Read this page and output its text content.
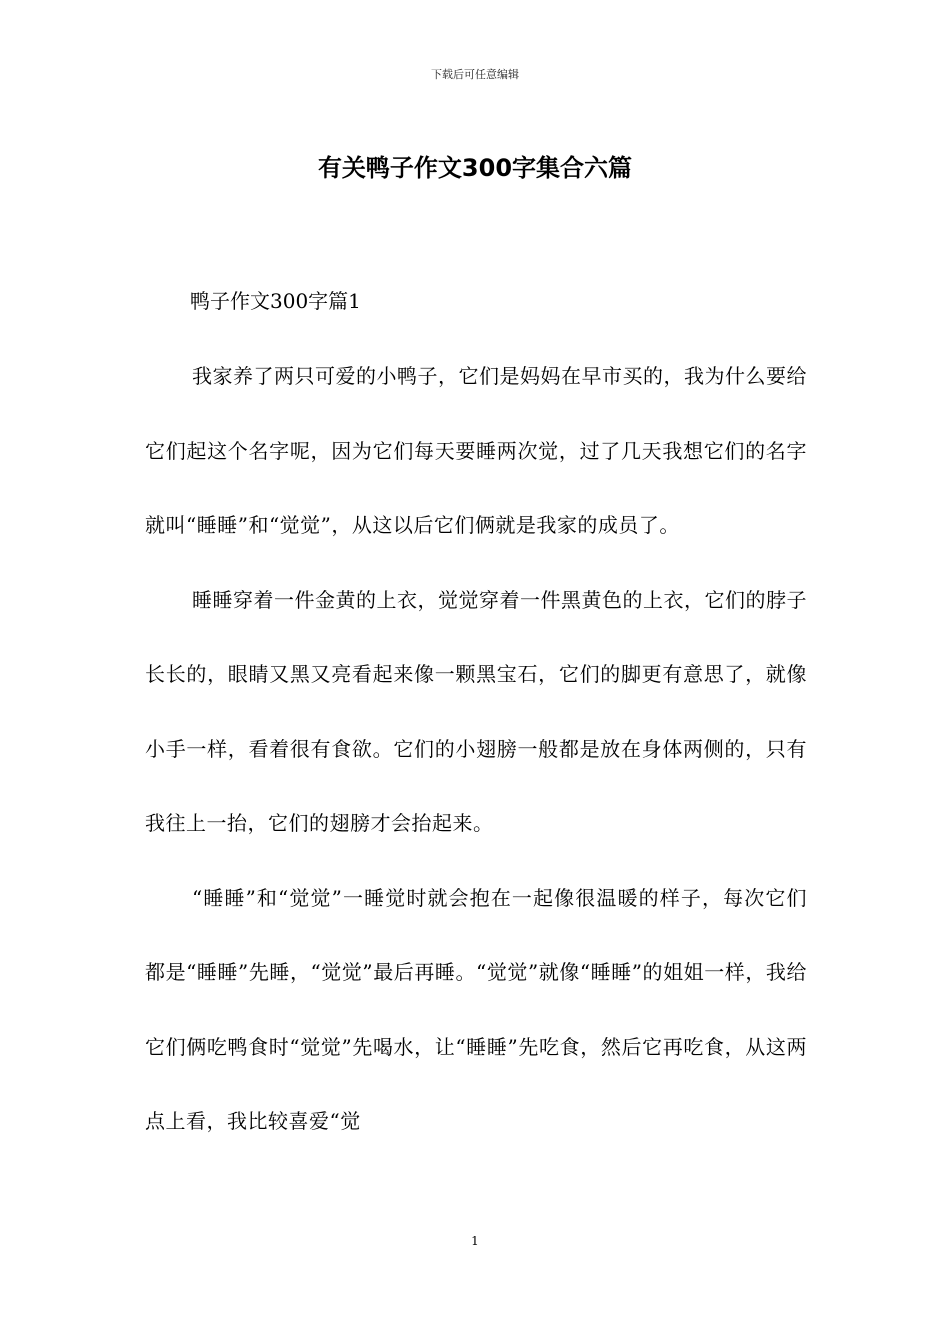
下载后可任意编辑
有关鸭子作文300字集合六篇
鸭子作文300字篇1

我家养了两只可爱的小鸭子，它们是妈妈在早市买的，我为什么要给它们起这个名字呢，因为它们每天要睡两次觉，过了几天我想它们的名字就叫“睡睡”和“觉觉”，从这以后它们俩就是我家的成员了。

睡睡穿着一件金黄的上衣，觉觉穿着一件黑黄色的上衣，它们的脖子长长的，眼睛又黑又亮看起来像一颗黑宝石，它们的脚更有意思了，就像小手一样，看着很有食欲。它们的小翅膀一般都是放在身体两侧的，只有我往上一抬，它们的翅膀才会抬起来。

“睡睡”和“觉觉”一睡觉时就会抱在一起像很温暖的样子，每次它们都是“睡睡”先睡，“觉觉”最后再睡。“觉觉”就像“睡睡”的姐姐一样，我给它们俩吃鸭食时“觉觉”先喝水，让“睡睡”先吃食，然后它再吃食，从这两点上看，我比较喜爱“觉

1
